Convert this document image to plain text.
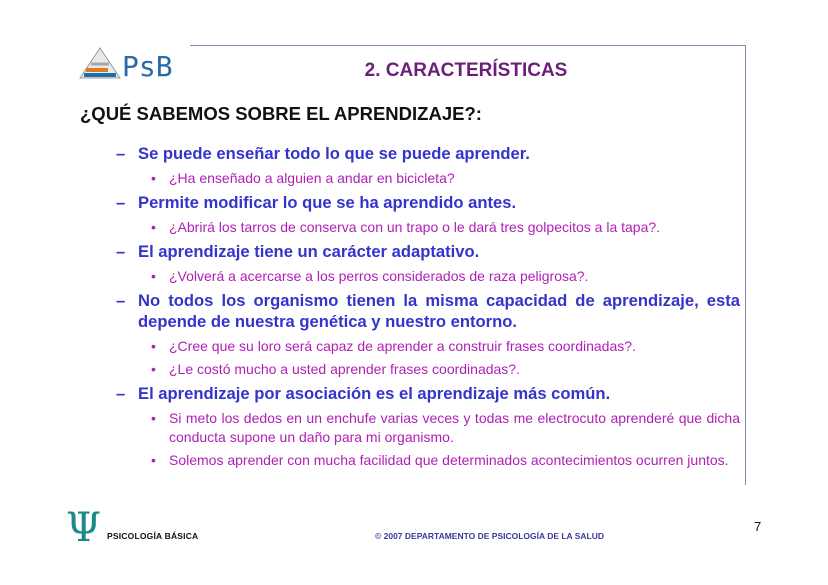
PsB	2. CARACTERÍSTICAS
¿QUÉ SABEMOS SOBRE EL APRENDIZAJE?:
– Se puede enseñar todo lo que se puede aprender.
• ¿Ha enseñado a alguien a andar en bicicleta?
– Permite modificar lo que se ha aprendido antes.
• ¿Abrirá los tarros de conserva con un trapo o le dará tres golpecitos a la tapa?.
– El aprendizaje tiene un carácter adaptativo.
• ¿Volverá a acercarse a los perros considerados de raza peligrosa?.
– No todos los organismo tienen la misma capacidad de aprendizaje, esta depende de nuestra genética y nuestro entorno.
• ¿Cree que su loro será capaz de aprender a construir frases coordinadas?.
• ¿Le costó mucho a usted aprender frases coordinadas?.
– El aprendizaje por asociación es el aprendizaje más común.
• Si meto los dedos en un enchufe varias veces y todas me electrocuto aprenderé que dicha conducta supone un daño para mi organismo.
• Solemos aprender con mucha facilidad que determinados acontecimientos ocurren juntos.
Ψ PSICOLOGÍA BÁSICA	© 2007 DEPARTAMENTO DE PSICOLOGÍA DE LA SALUD
7
